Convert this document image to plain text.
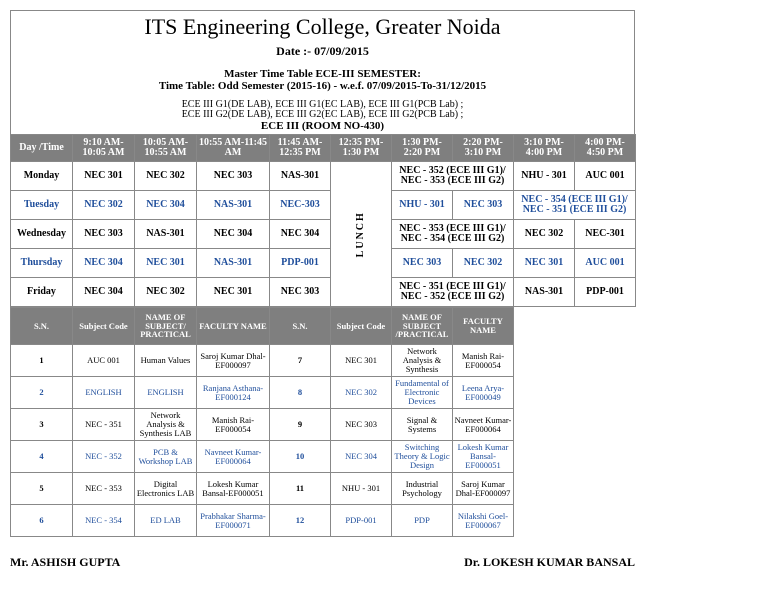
ITS Engineering College, Greater Noida
Date :- 07/09/2015
Master Time Table ECE-III SEMESTER:
Time Table: Odd Semester (2015-16) - w.e.f. 07/09/2015-To-31/12/2015
ECE III G1(DE LAB), ECE III G1(EC LAB), ECE III G1(PCB Lab) ;
ECE III G2(DE LAB), ECE III G2(EC LAB), ECE III G2(PCB Lab) ;
ECE III (ROOM NO-430)
Day /Time	9:10 AM-10:05 AM	10:05 AM-10:55 AM	10:55 AM-11:45 AM	11:45 AM-12:35 PM	12:35 PM-1:30 PM	1:30 PM-2:20 PM	2:20 PM-3:10 PM	3:10 PM-4:00 PM	4:00 PM-4:50 PM
Monday	NEC 301	NEC 302	NEC 303	NAS-301	LUNCH	NEC - 352 (ECE III G1)/ NEC - 353 (ECE III G2)		NHU - 301	AUC 001
Tuesday	NEC 302	NEC 304	NAS-301	NEC-303		NHU - 301	NEC 303	NEC - 354 (ECE III G1)/ NEC - 351 (ECE III G2)	
Wednesday	NEC 303	NAS-301	NEC 304	NEC 304		NEC - 353 (ECE III G1)/ NEC - 354 (ECE III G2)		NEC 302	NEC-301
Thursday	NEC 304	NEC 301	NAS-301	PDP-001		NEC 303	NEC 302	NEC 301	AUC 001
Friday	NEC 304	NEC 302	NEC 301	NEC 303		NEC - 351 (ECE III G1)/ NEC - 352 (ECE III G2)		NAS-301	PDP-001
S.N.	Subject Code	NAME OF SUBJECT/ PRACTICAL	FACULTY NAME	S.N.	Subject Code	NAME OF SUBJECT /PRACTICAL	FACULTY NAME
1	AUC 001	Human Values	Saroj Kumar Dhal-EF000097	7	NEC 301	Network Analysis & Synthesis	Manish Rai-EF000054
2	ENGLISH	ENGLISH	Ranjana Asthana-EF000124	8	NEC 302	Fundamental of Electronic Devices	Leena Arya-EF000049
3	NEC - 351	Network Analysis & Synthesis LAB	Manish Rai-EF000054	9	NEC 303	Signal & Systems	Navneet Kumar-EF000064
4	NEC - 352	PCB & Workshop LAB	Navneet Kumar-EF000064	10	NEC 304	Switching Theory & Logic Design	Lokesh Kumar Bansal-EF000051
5	NEC - 353	Digital Electronics LAB	Lokesh Kumar Bansal-EF000051	11	NHU - 301	Industrial Psychology	Saroj Kumar Dhal-EF000097
6	NEC - 354	ED LAB	Prabhakar Sharma-EF000071	12	PDP-001	PDP	Nilakshi Goel-EF000067
Mr. ASHISH GUPTA	Dr. LOKESH KUMAR BANSAL
